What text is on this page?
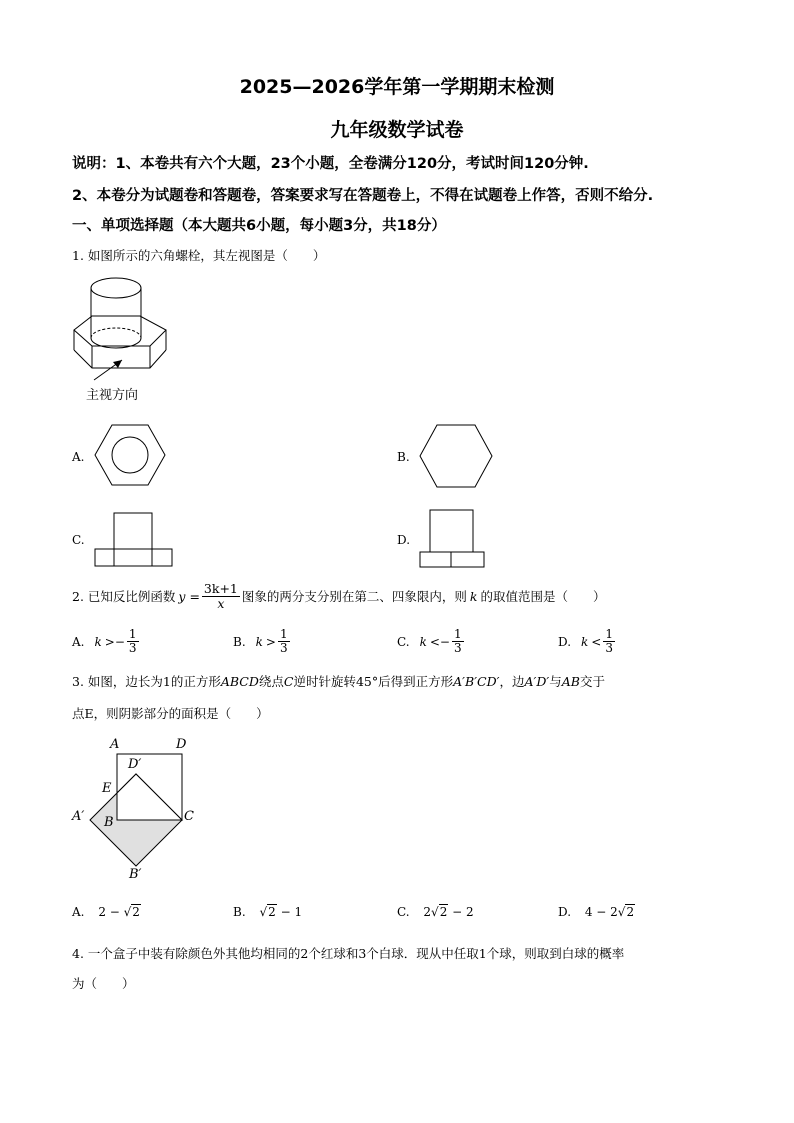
2025—2026学年第一学期期末检测
九年级数学试卷
说明：1、本卷共有六个大题，23个小题，全卷满分120分，考试时间120分钟.
2、本卷分为试题卷和答题卷，答案要求写在答题卷上，不得在试题卷上作答，否则不给分.
一、单项选择题（本大题共6小题，每小题3分，共18分）
1. 如图所示的六角螺栓，其左视图是（　　）
主视方向
A.	B.
C.	D.
2. 已知反比例函数 $y = \frac{3k+1}{x}$ 图象的两分支分别在第二、四象限内，则 k 的取值范围是（　　）
A. $k >- \frac{1}{3}$	B. $k > \frac{1}{3}$	C. $k <- \frac{1}{3}$	D. $k < \frac{1}{3}$
3. 如图，边长为1的正方形ABCD绕点C逆时针旋转45°后得到正方形A′B′CD′，边A′D′与AB交于
点E，则阴影部分的面积是（　　）
A	D
D′
E
A′ B	C
B′
A. 2 − √2	B. √2 − 1	C. 2√2 − 2	D. 4 − 2√2
4. 一个盒子中装有除颜色外其他均相同的2个红球和3个白球．现从中任取1个球，则取到白球的概率
为（　　）
